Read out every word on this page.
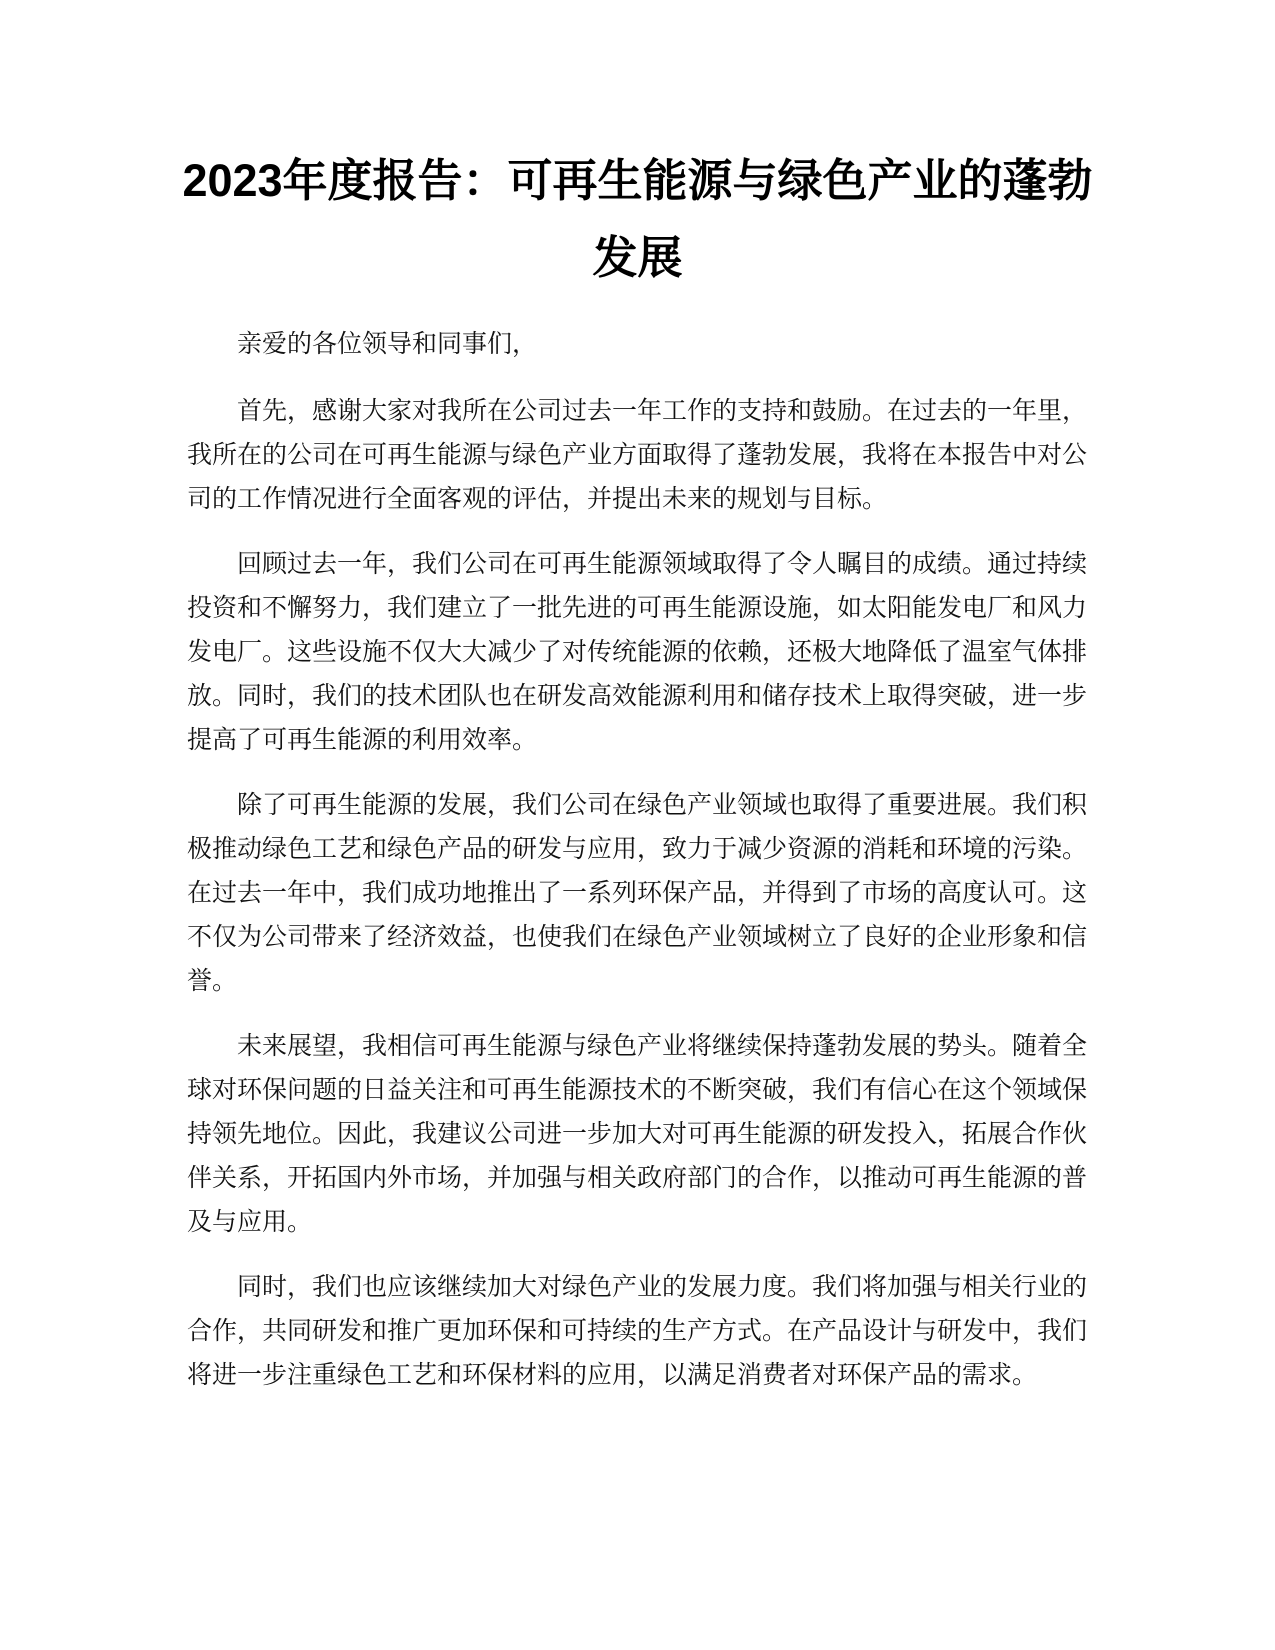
2023年度报告：可再生能源与绿色产业的蓬勃发展

亲爱的各位领导和同事们，

首先，感谢大家对我所在公司过去一年工作的支持和鼓励。在过去的一年里，我所在的公司在可再生能源与绿色产业方面取得了蓬勃发展，我将在本报告中对公司的工作情况进行全面客观的评估，并提出未来的规划与目标。

回顾过去一年，我们公司在可再生能源领域取得了令人瞩目的成绩。通过持续投资和不懈努力，我们建立了一批先进的可再生能源设施，如太阳能发电厂和风力发电厂。这些设施不仅大大减少了对传统能源的依赖，还极大地降低了温室气体排放。同时，我们的技术团队也在研发高效能源利用和储存技术上取得突破，进一步提高了可再生能源的利用效率。

除了可再生能源的发展，我们公司在绿色产业领域也取得了重要进展。我们积极推动绿色工艺和绿色产品的研发与应用，致力于减少资源的消耗和环境的污染。在过去一年中，我们成功地推出了一系列环保产品，并得到了市场的高度认可。这不仅为公司带来了经济效益，也使我们在绿色产业领域树立了良好的企业形象和信誉。

未来展望，我相信可再生能源与绿色产业将继续保持蓬勃发展的势头。随着全球对环保问题的日益关注和可再生能源技术的不断突破，我们有信心在这个领域保持领先地位。因此，我建议公司进一步加大对可再生能源的研发投入，拓展合作伙伴关系，开拓国内外市场，并加强与相关政府部门的合作，以推动可再生能源的普及与应用。

同时，我们也应该继续加大对绿色产业的发展力度。我们将加强与相关行业的合作，共同研发和推广更加环保和可持续的生产方式。在产品设计与研发中，我们将进一步注重绿色工艺和环保材料的应用，以满足消费者对环保产品的需求。
